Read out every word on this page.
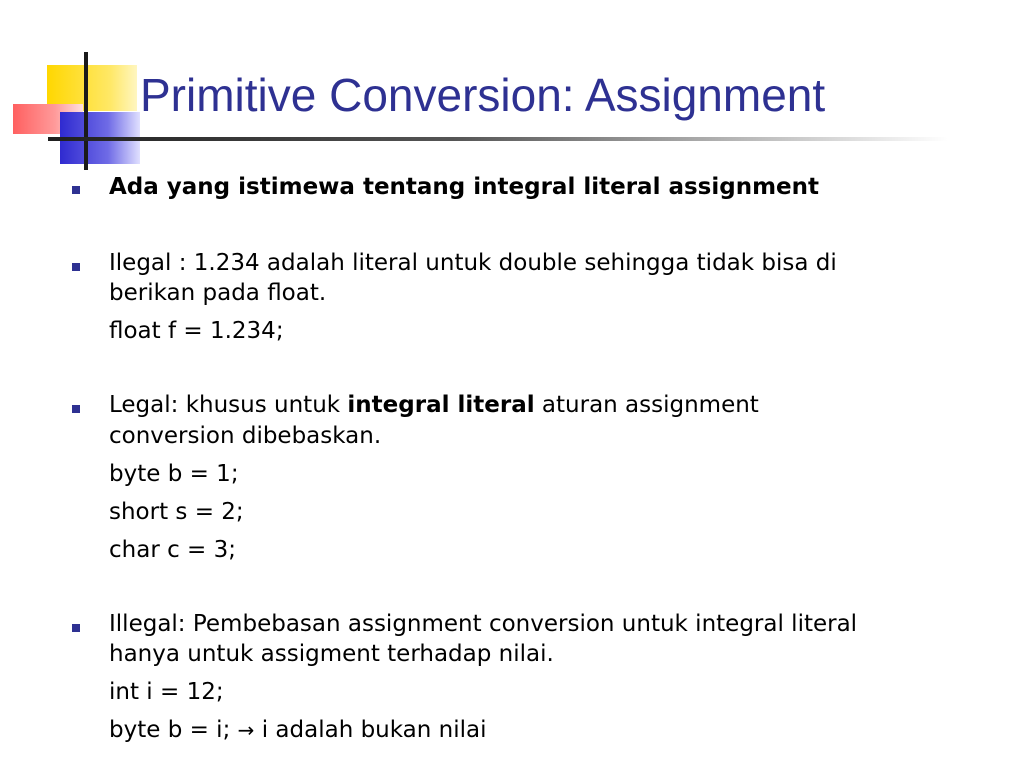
Primitive Conversion: Assignment

Ada yang istimewa tentang integral literal assignment

Ilegal : 1.234 adalah literal untuk double sehingga tidak bisa di

berikan pada float.

float f = 1.234;

Legal: khusus untuk integral literal aturan assignment

conversion dibebaskan.

byte b = 1;

short s = 2;

char c = 3;

Illegal: Pembebasan assignment conversion untuk integral literal

hanya untuk assigment terhadap nilai.

int i = 12;

byte b = i; → i adalah bukan nilai
